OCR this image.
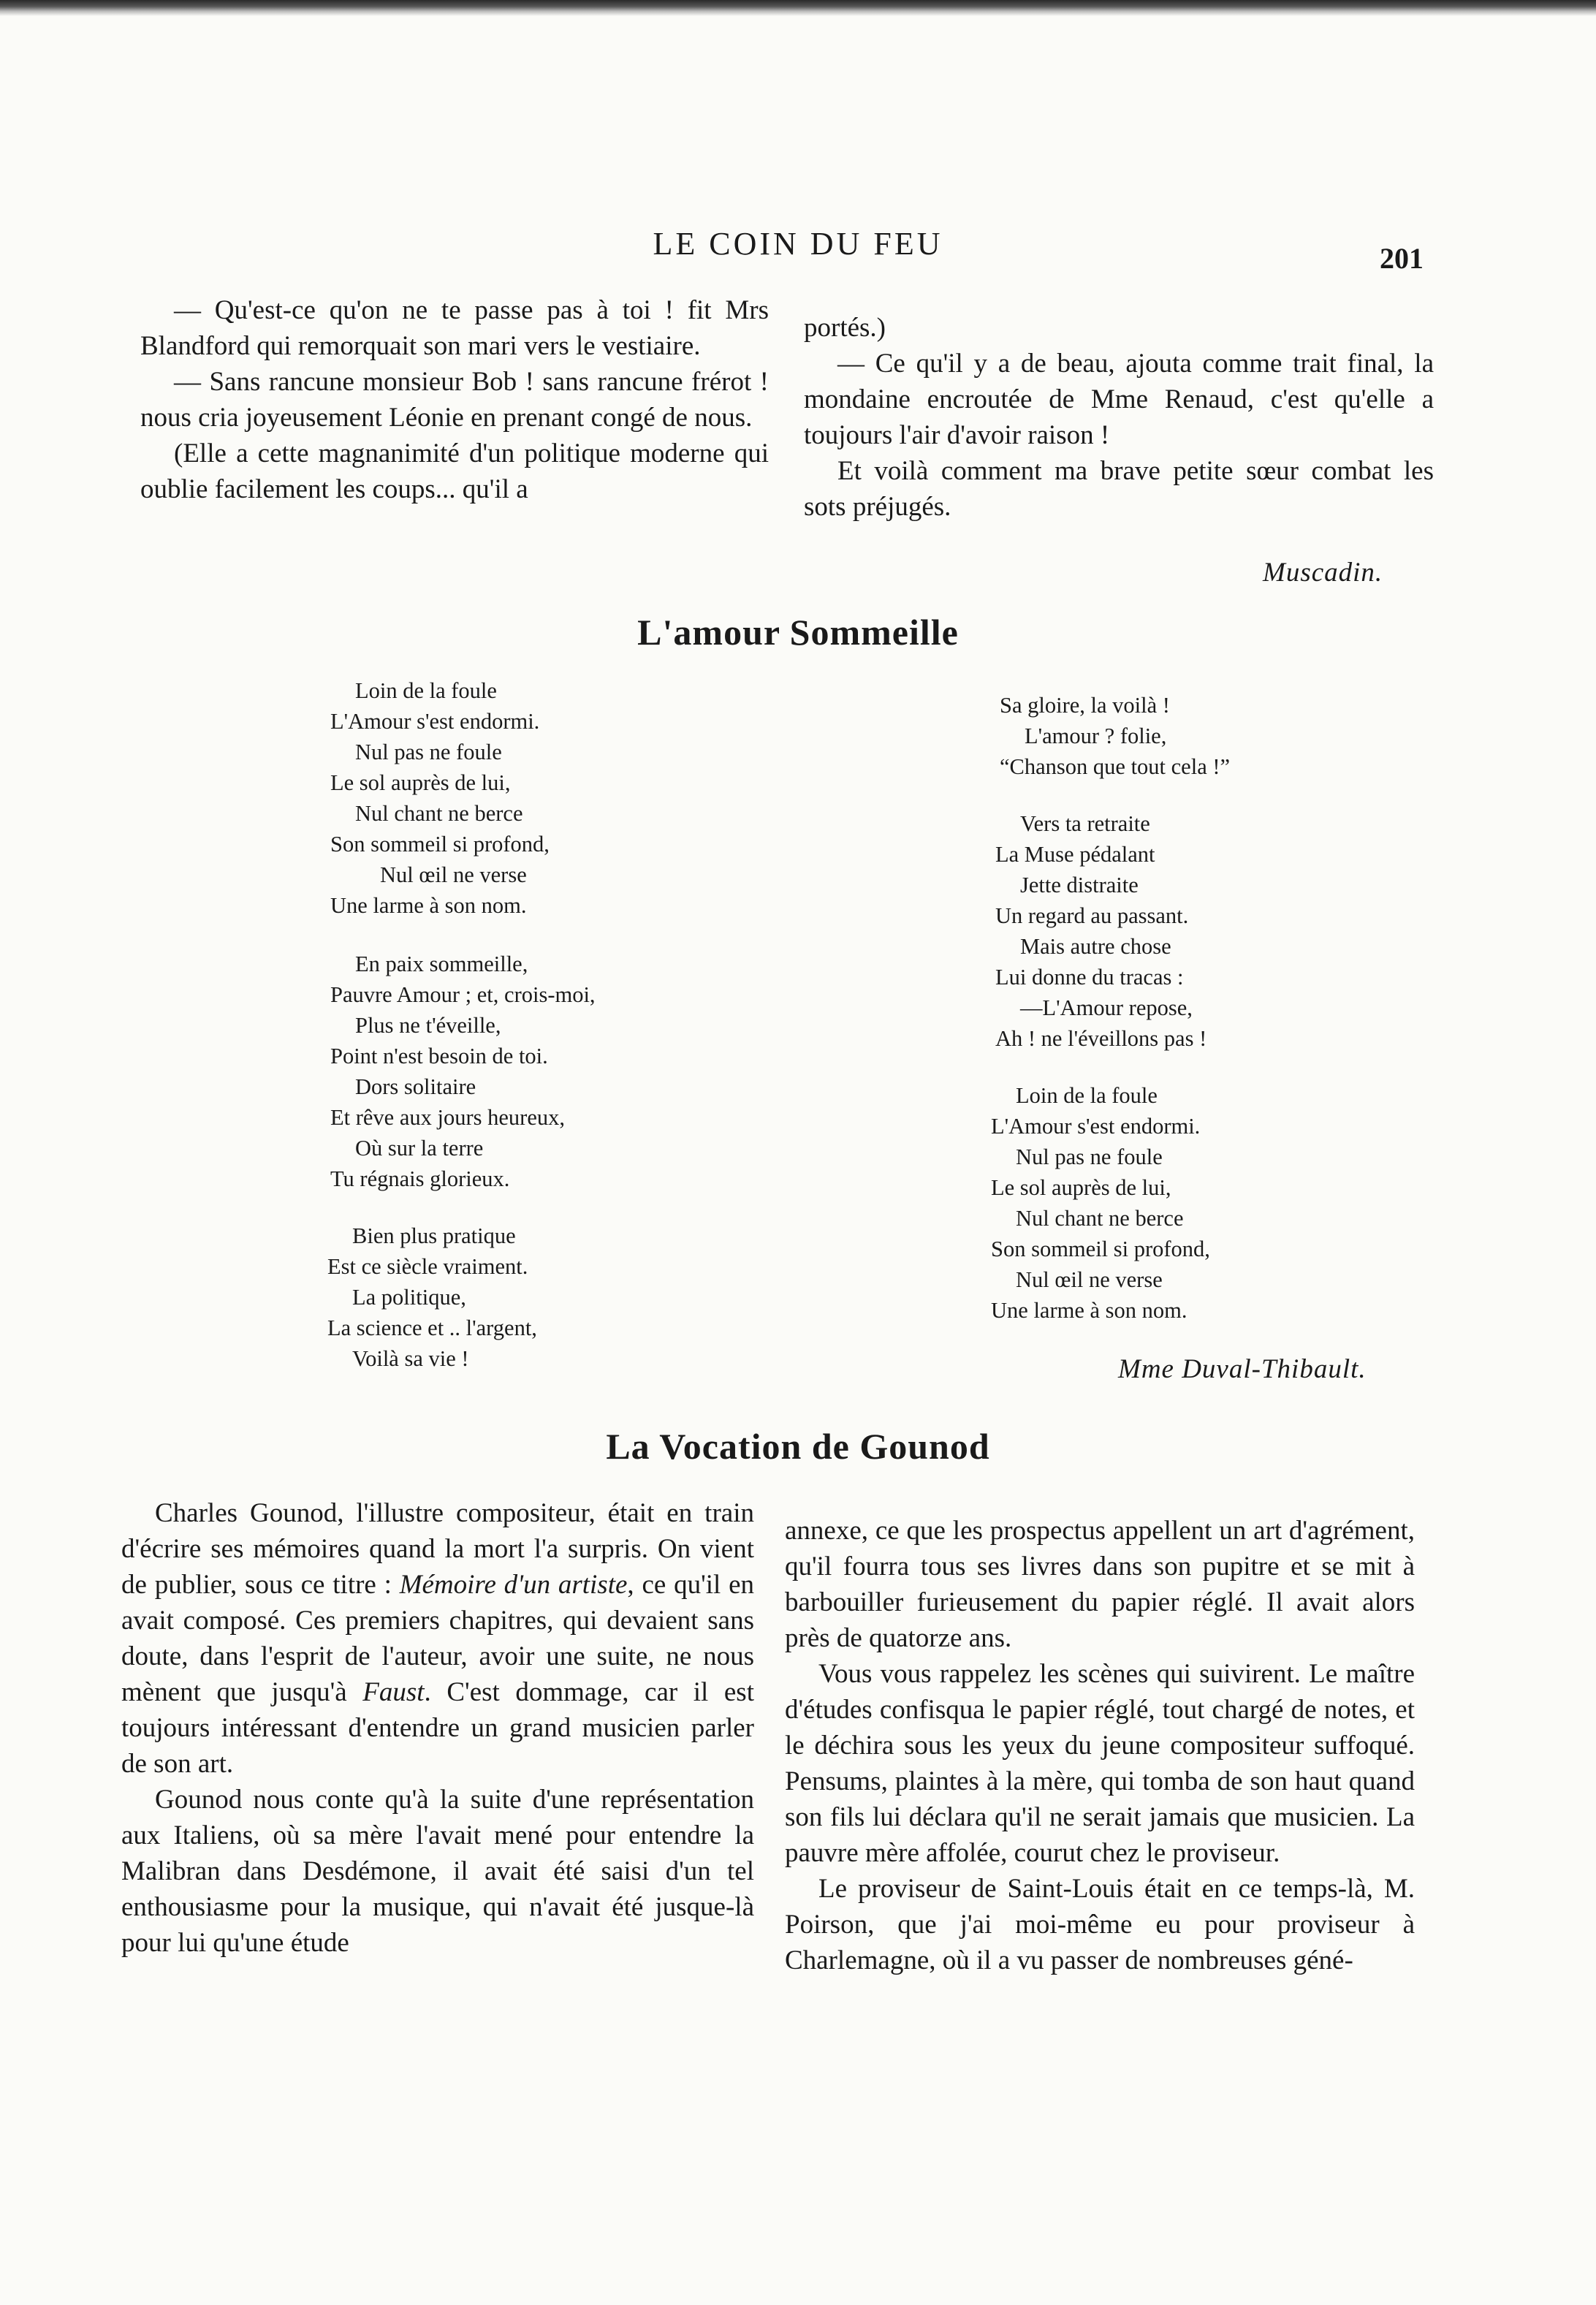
LE COIN DU FEU	201

— Qu'est-ce qu'on ne te passe pas à toi ! fit Mrs Blandford qui remorquait son mari vers le vestiaire.

— Sans rancune monsieur Bob ! sans rancune frérot ! nous cria joyeusement Léonie en prenant congé de nous.

(Elle a cette magnanimité d'un politique moderne qui oublie facilement les coups... qu'il a

portés.)

— Ce qu'il y a de beau, ajouta comme trait final, la mondaine encroutée de Mme Renaud, c'est qu'elle a toujours l'air d'avoir raison !

Et voilà comment ma brave petite sœur combat les sots préjugés.

Muscadin.
L'amour Sommeille
Loin de la foule
L'Amour s'est endormi.
Nul pas ne foule
Le sol auprès de lui,
Nul chant ne berce
Son sommeil si profond,
Nul œil ne verse
Une larme à son nom.
En paix sommeille,
Pauvre Amour ; et, crois-moi,
Plus ne t'éveille,
Point n'est besoin de toi.
Dors solitaire
Et rêve aux jours heureux,
Où sur la terre
Tu régnais glorieux.
Bien plus pratique
Est ce siècle vraiment.
La politique,
La science et .. l'argent,
Voilà sa vie !
Sa gloire, la voilà !
L'amour ? folie,
“Chanson que tout cela !”
Vers ta retraite
La Muse pédalant
Jette distraite
Un regard au passant.
Mais autre chose
Lui donne du tracas :
—L'Amour repose,
Ah ! ne l'éveillons pas !
Loin de la foule
L'Amour s'est endormi.
Nul pas ne foule
Le sol auprès de lui,
Nul chant ne berce
Son sommeil si profond,
Nul œil ne verse
Une larme à son nom.
Mme Duval-Thibault.
La Vocation de Gounod

Charles Gounod, l'illustre compositeur, était en train d'écrire ses mémoires quand la mort l'a surpris. On vient de publier, sous ce titre : Mémoire d'un artiste, ce qu'il en avait composé. Ces premiers chapitres, qui devaient sans doute, dans l'esprit de l'auteur, avoir une suite, ne nous mènent que jusqu'à Faust. C'est dommage, car il est toujours intéressant d'entendre un grand musicien parler de son art.

Gounod nous conte qu'à la suite d'une représentation aux Italiens, où sa mère l'avait mené pour entendre la Malibran dans Desdémone, il avait été saisi d'un tel enthousiasme pour la musique, qui n'avait été jusque-là pour lui qu'une étude

annexe, ce que les prospectus appellent un art d'agrément, qu'il fourra tous ses livres dans son pupitre et se mit à barbouiller furieusement du papier réglé. Il avait alors près de quatorze ans.

Vous vous rappelez les scènes qui suivirent. Le maître d'études confisqua le papier réglé, tout chargé de notes, et le déchira sous les yeux du jeune compositeur suffoqué. Pensums, plaintes à la mère, qui tomba de son haut quand son fils lui déclara qu'il ne serait jamais que musicien. La pauvre mère affolée, courut chez le proviseur.

Le proviseur de Saint-Louis était en ce temps-là, M. Poirson, que j'ai moi-même eu pour proviseur à Charlemagne, où il a vu passer de nombreuses géné-
